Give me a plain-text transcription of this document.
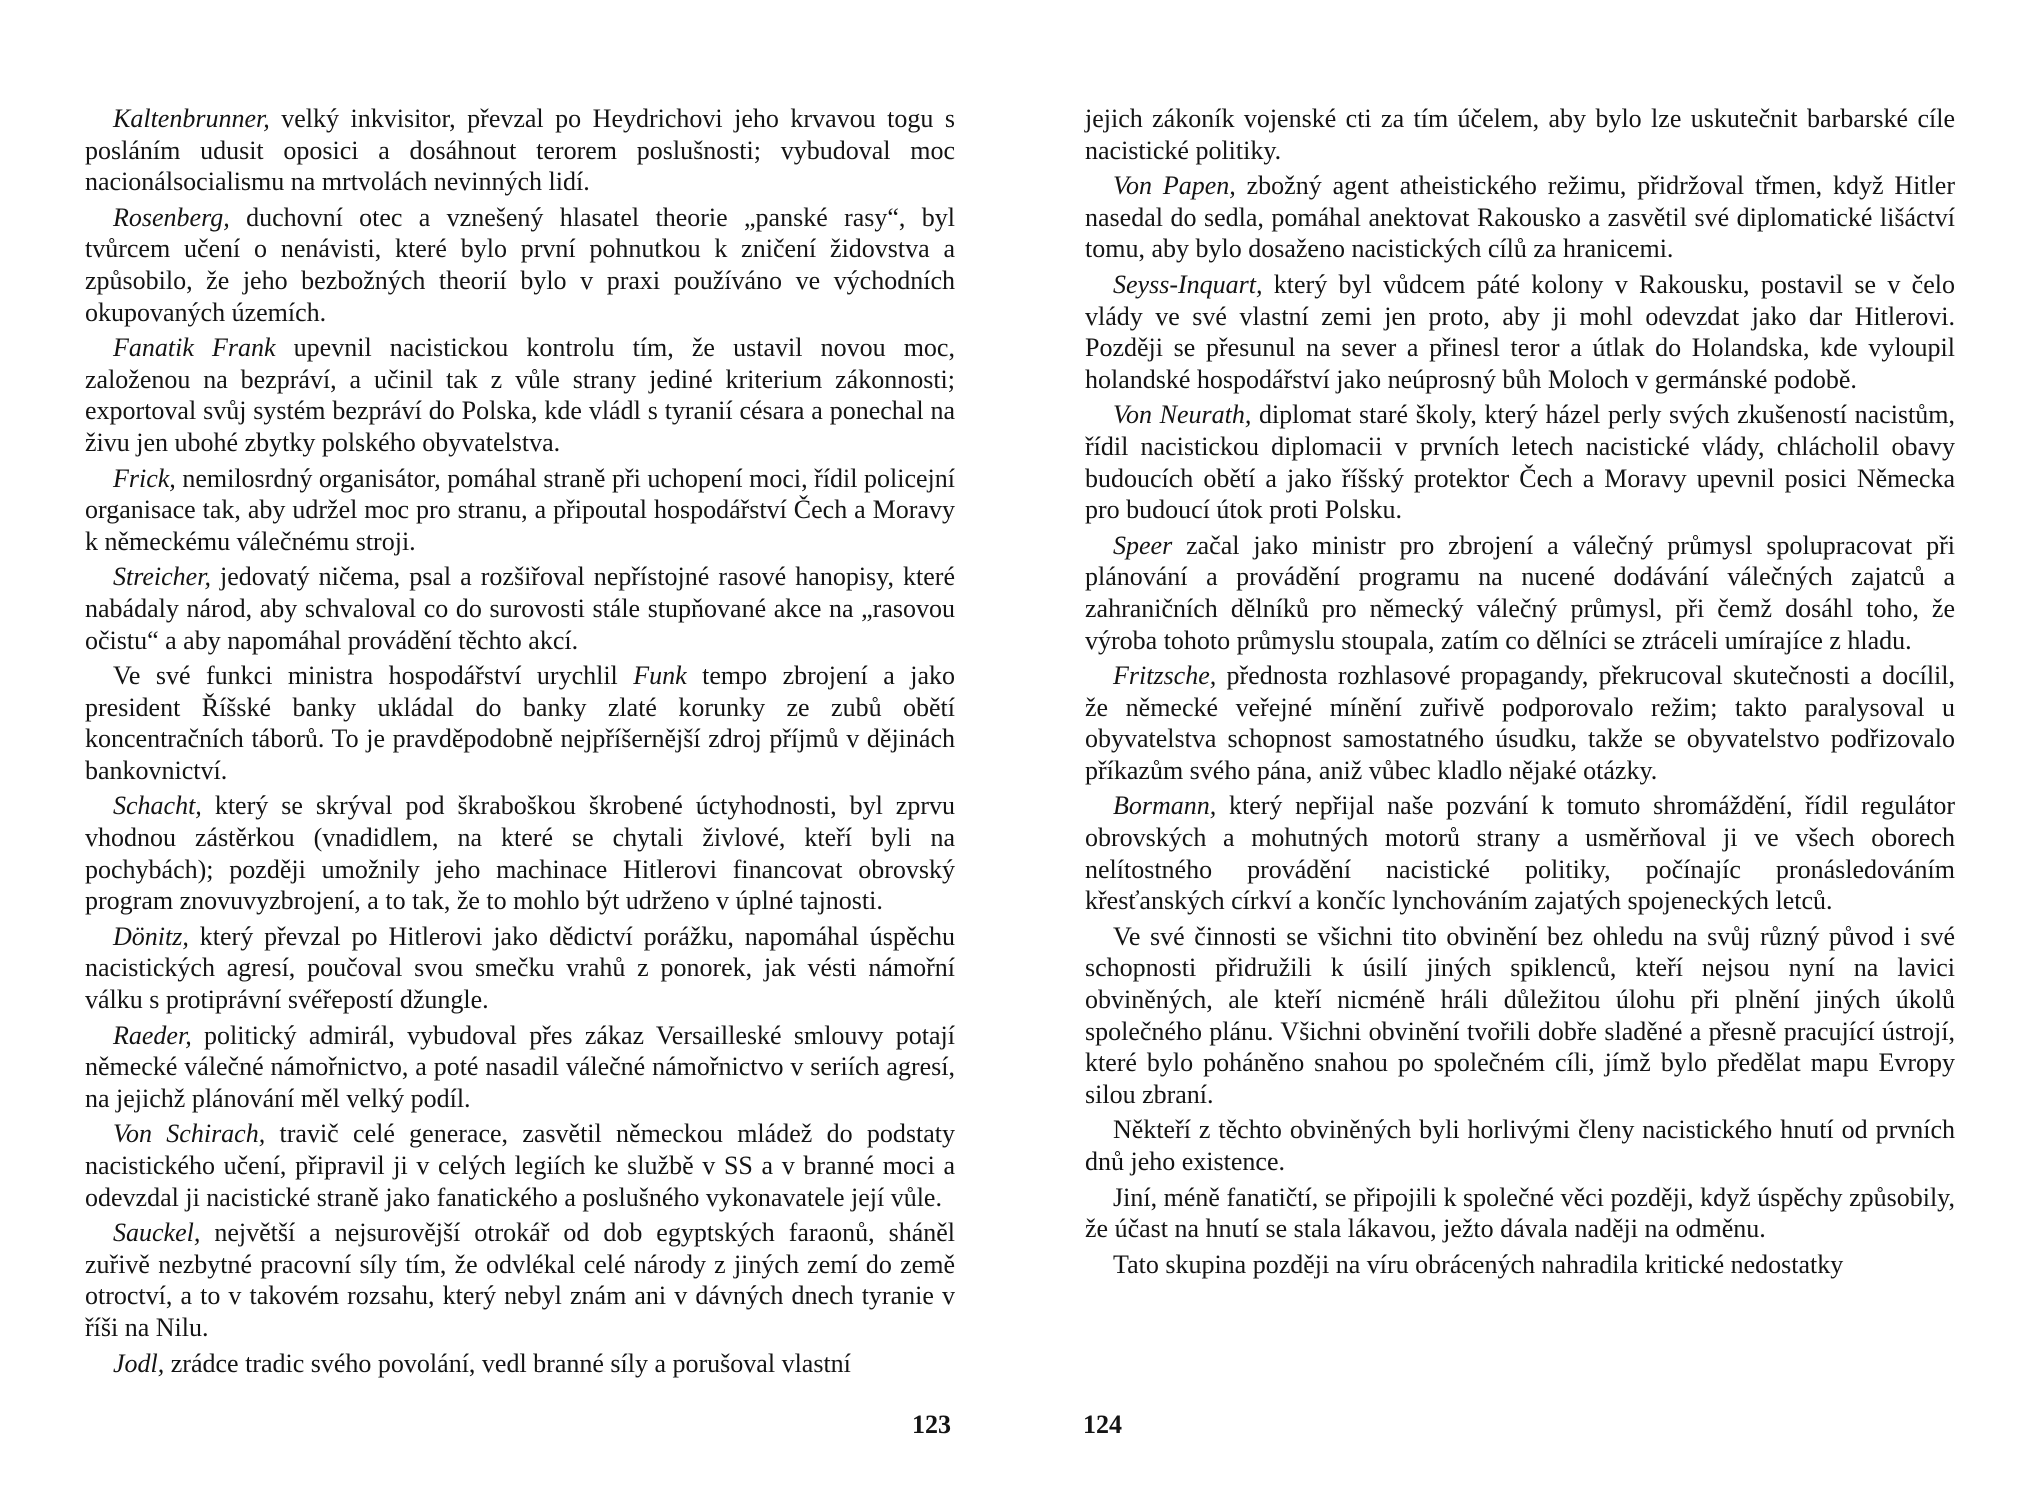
Kaltenbrunner, velký inkvisitor, převzal po Heydrichovi jeho krvavou togu s posláním udusit oposici a dosáhnout terorem poslušnosti; vybudoval moc nacionálsocialismu na mrtvolách nevinných lidí.

Rosenberg, duchovní otec a vznešený hlasatel theorie „panské rasy“, byl tvůrcem učení o nenávisti, které bylo první pohnutkou k zničení židovstva a způsobilo, že jeho bezbožných theorií bylo v praxi používáno ve východních okupovaných územích.

Fanatik Frank upevnil nacistickou kontrolu tím, že ustavil novou moc, založenou na bezpráví, a učinil tak z vůle strany jediné kriterium zákonnosti; exportoval svůj systém bezpráví do Polska, kde vládl s tyranií césara a ponechal na živu jen ubohé zbytky polského obyvatelstva.

Frick, nemilosrdný organisátor, pomáhal straně při uchopení moci, řídil policejní organisace tak, aby udržel moc pro stranu, a připoutal hospodářství Čech a Moravy k německému válečnému stroji.

Streicher, jedovatý ničema, psal a rozšiřoval nepřístojné rasové hanopisy, které nabádaly národ, aby schvaloval co do surovosti stále stupňované akce na „rasovou očistu“ a aby napomáhal provádění těchto akcí.

Ve své funkci ministra hospodářství urychlil Funk tempo zbrojení a jako president Říšské banky ukládal do banky zlaté korunky ze zubů obětí koncentračních táborů. To je pravděpodobně nejpříšernější zdroj příjmů v dějinách bankovnictví.

Schacht, který se skrýval pod škraboškou škrobené úctyhodnosti, byl zprvu vhodnou zástěrkou (vnadidlem, na které se chytali živlové, kteří byli na pochybách); později umožnily jeho machinace Hitlerovi financovat obrovský program znovuvyzbrojení, a to tak, že to mohlo být udrženo v úplné tajnosti.

Dönitz, který převzal po Hitlerovi jako dědictví porážku, napomáhal úspěchu nacistických agresí, poučoval svou smečku vrahů z ponorek, jak vésti námořní válku s protiprávní svéřepostí džungle.

Raeder, politický admirál, vybudoval přes zákaz Versailleské smlouvy potají německé válečné námořnictvo, a poté nasadil válečné námořnictvo v seriích agresí, na jejichž plánování měl velký podíl.

Von Schirach, travič celé generace, zasvětil německou mládež do podstaty nacistického učení, připravil ji v celých legiích ke službě v SS a v branné moci a odevzdal ji nacistické straně jako fanatického a poslušného vykonavatele její vůle.

Sauckel, největší a nejsurovější otrokář od dob egyptských faraonů, sháněl zuřivě nezbytné pracovní síly tím, že odvlékal celé národy z jiných zemí do země otroctví, a to v takovém rozsahu, který nebyl znám ani v dávných dnech tyranie v říši na Nilu.

Jodl, zrádce tradic svého povolání, vedl branné síly a porušoval vlastní

123

jejich zákoník vojenské cti za tím účelem, aby bylo lze uskutečnit barbarské cíle nacistické politiky.

Von Papen, zbožný agent atheistického režimu, přidržoval třmen, když Hitler nasedal do sedla, pomáhal anektovat Rakousko a zasvětil své diplomatické lišáctví tomu, aby bylo dosaženo nacistických cílů za hranicemi.

Seyss-Inquart, který byl vůdcem páté kolony v Rakousku, postavil se v čelo vlády ve své vlastní zemi jen proto, aby ji mohl odevzdat jako dar Hitlerovi. Později se přesunul na sever a přinesl teror a útlak do Holandska, kde vyloupil holandské hospodářství jako neúprosný bůh Moloch v germánské podobě.

Von Neurath, diplomat staré školy, který házel perly svých zkušeností nacistům, řídil nacistickou diplomacii v prvních letech nacistické vlády, chlácholil obavy budoucích obětí a jako říšský protektor Čech a Moravy upevnil posici Německa pro budoucí útok proti Polsku.

Speer začal jako ministr pro zbrojení a válečný průmysl spolupracovat při plánování a provádění programu na nucené dodávání válečných zajatců a zahraničních dělníků pro německý válečný průmysl, při čemž dosáhl toho, že výroba tohoto průmyslu stoupala, zatím co dělníci se ztráceli umírajíce z hladu.

Fritzsche, přednosta rozhlasové propagandy, překrucoval skutečnosti a docílil, že německé veřejné mínění zuřivě podporovalo režim; takto paralysoval u obyvatelstva schopnost samostatného úsudku, takže se obyvatelstvo podřizovalo příkazům svého pána, aniž vůbec kladlo nějaké otázky.

Bormann, který nepřijal naše pozvání k tomuto shromáždění, řídil regulátor obrovských a mohutných motorů strany a usměrňoval ji ve všech oborech nelítostného provádění nacistické politiky, počínajíc pronásledováním křesťanských církví a končíc lynchováním zajatých spojeneckých letců.

Ve své činnosti se všichni tito obvinění bez ohledu na svůj různý původ i své schopnosti přidružili k úsilí jiných spiklenců, kteří nejsou nyní na lavici obviněných, ale kteří nicméně hráli důležitou úlohu při plnění jiných úkolů společného plánu. Všichni obvinění tvořili dobře sladěné a přesně pracující ústrojí, které bylo poháněno snahou po společném cíli, jímž bylo předělat mapu Evropy silou zbraní.

Někteří z těchto obviněných byli horlivými členy nacistického hnutí od prvních dnů jeho existence.

Jiní, méně fanatičtí, se připojili k společné věci později, když úspěchy způsobily, že účast na hnutí se stala lákavou, ježto dávala naději na odměnu.

Tato skupina později na víru obrácených nahradila kritické nedostatky

124
